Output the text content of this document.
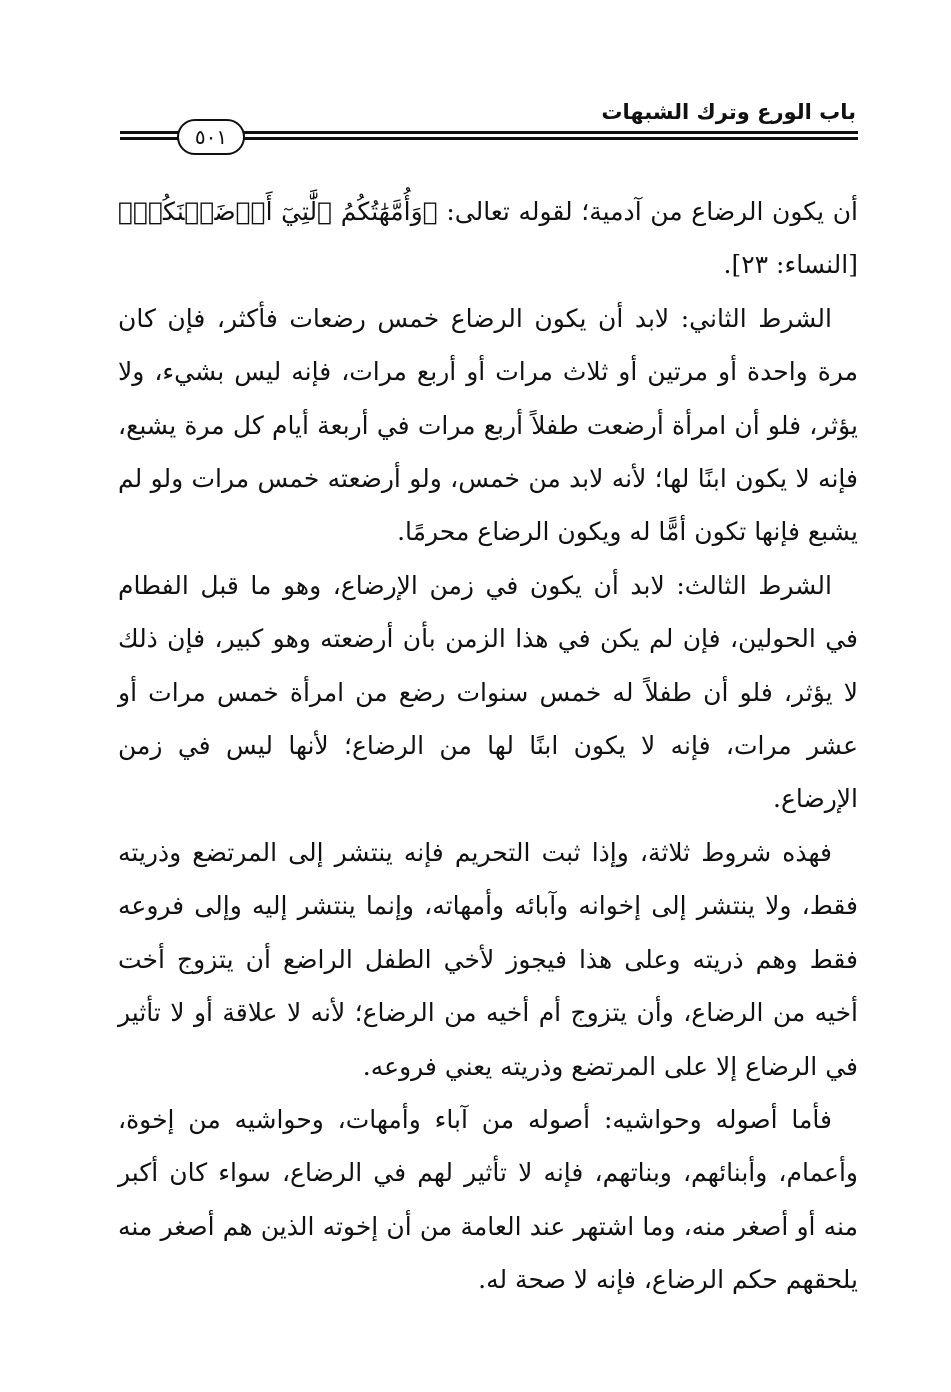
باب الورع وترك الشبهات
٥٠١

أن يكون الرضاع من آدمية؛ لقوله تعالى: ﴿وَأُمَّهَٰتُكُمُ ٱلَّٰتِيٓ أَرۡضَعۡنَكُمۡ﴾ [النساء: ٢٣].

الشرط الثاني: لابد أن يكون الرضاع خمس رضعات فأكثر، فإن كان مرة واحدة أو مرتين أو ثلاث مرات أو أربع مرات، فإنه ليس بشيء، ولا يؤثر، فلو أن امرأة أرضعت طفلاً أربع مرات في أربعة أيام كل مرة يشبع، فإنه لا يكون ابنًا لها؛ لأنه لابد من خمس، ولو أرضعته خمس مرات ولو لم يشبع فإنها تكون أمًّا له ويكون الرضاع محرمًا.

الشرط الثالث: لابد أن يكون في زمن الإرضاع، وهو ما قبل الفطام في الحولين، فإن لم يكن في هذا الزمن بأن أرضعته وهو كبير، فإن ذلك لا يؤثر، فلو أن طفلاً له خمس سنوات رضع من امرأة خمس مرات أو عشر مرات، فإنه لا يكون ابنًا لها من الرضاع؛ لأنها ليس في زمن الإرضاع.

فهذه شروط ثلاثة، وإذا ثبت التحريم فإنه ينتشر إلى المرتضع وذريته فقط، ولا ينتشر إلى إخوانه وآبائه وأمهاته، وإنما ينتشر إليه وإلى فروعه فقط وهم ذريته وعلى هذا فيجوز لأخي الطفل الراضع أن يتزوج أخت أخيه من الرضاع، وأن يتزوج أم أخيه من الرضاع؛ لأنه لا علاقة أو لا تأثير في الرضاع إلا على المرتضع وذريته يعني فروعه.

فأما أصوله وحواشيه: أصوله من آباء وأمهات، وحواشيه من إخوة، وأعمام، وأبنائهم، وبناتهم، فإنه لا تأثير لهم في الرضاع، سواء كان أكبر منه أو أصغر منه، وما اشتهر عند العامة من أن إخوته الذين هم أصغر منه يلحقهم حكم الرضاع، فإنه لا صحة له.
